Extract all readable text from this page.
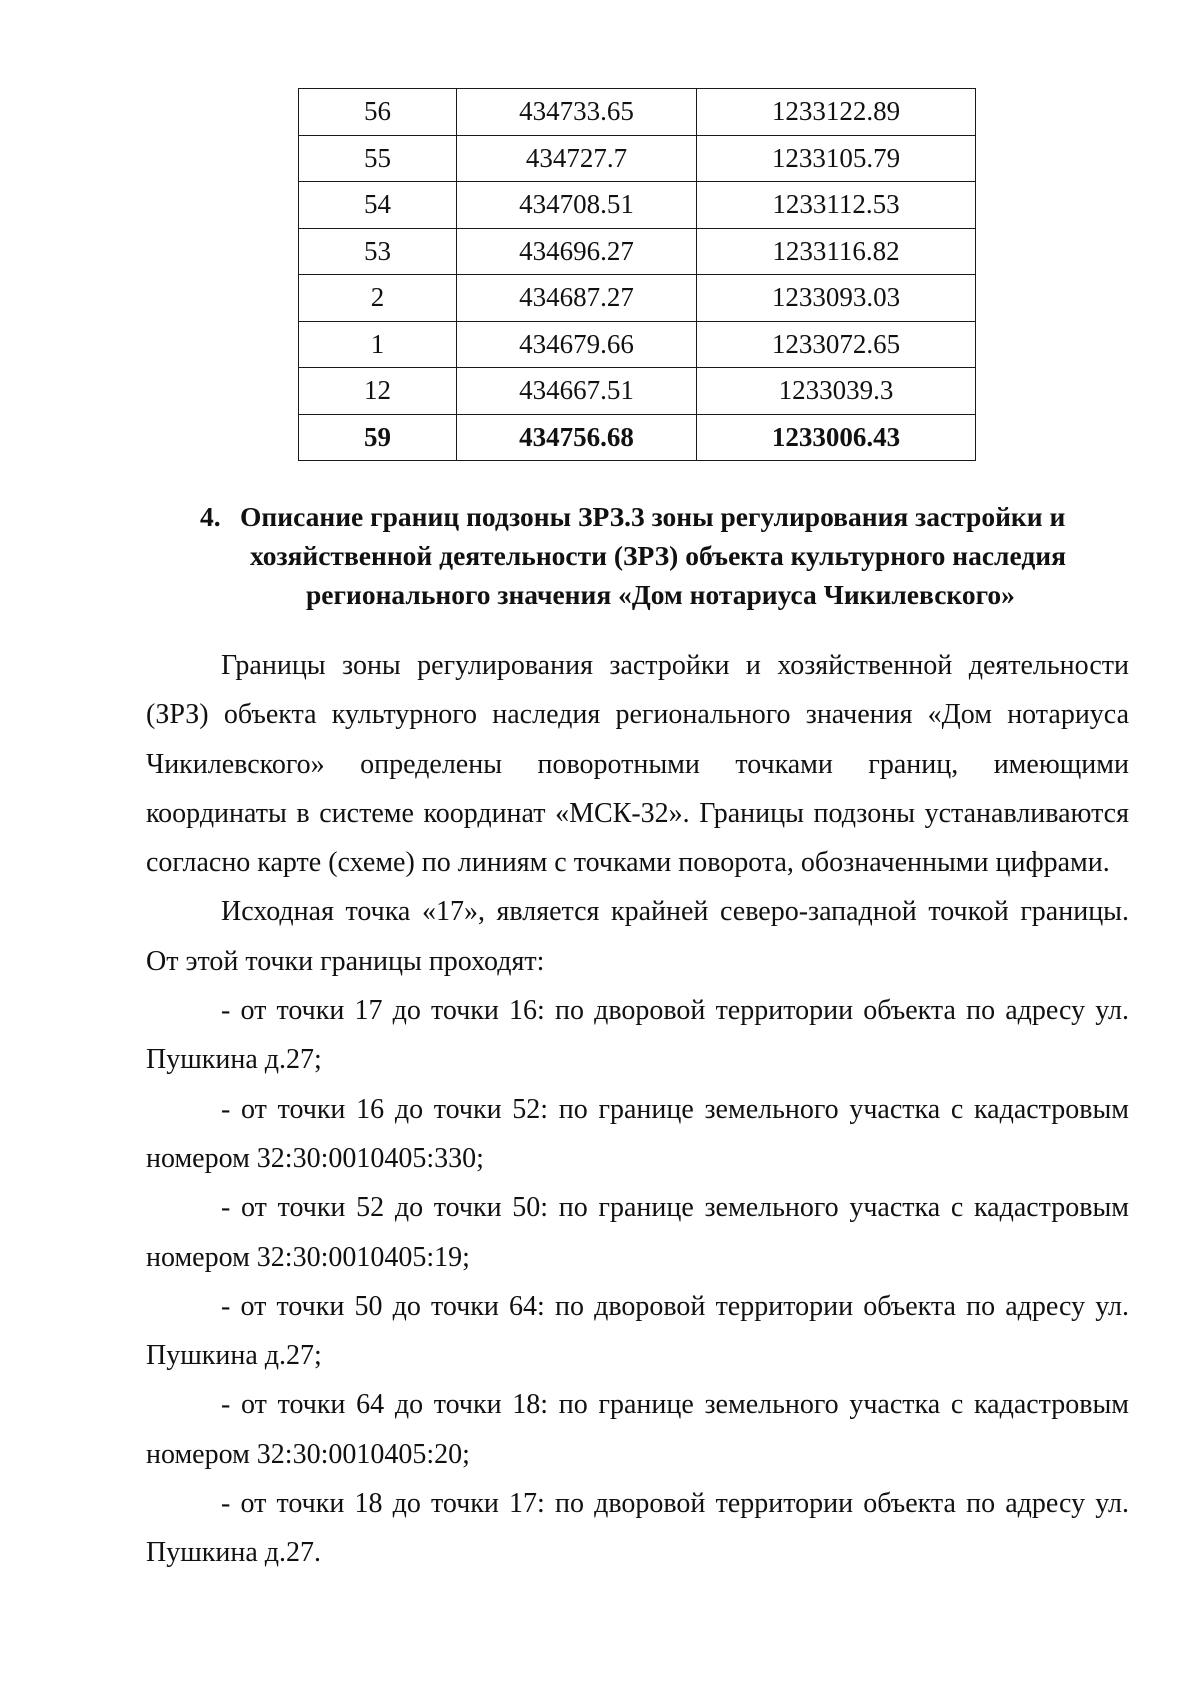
56	434733.65	1233122.89
55	434727.7	1233105.79
54	434708.51	1233112.53
53	434696.27	1233116.82
2	434687.27	1233093.03
1	434679.66	1233072.65
12	434667.51	1233039.3
59	434756.68	1233006.43
4. Описание границ подзоны ЗРЗ.3 зоны регулирования застройки и
хозяйственной деятельности (ЗРЗ) объекта культурного наследия
регионального значения «Дом нотариуса Чикилевского»

Границы зоны регулирования застройки и хозяйственной деятельности (ЗРЗ) объекта культурного наследия регионального значения «Дом нотариуса Чикилевского» определены поворотными точками границ, имеющими координаты в системе координат «МСК-32». Границы подзоны устанавливаются согласно карте (схеме) по линиям с точками поворота, обозначенными цифрами.

Исходная точка «17», является крайней северо-западной точкой границы. От этой точки границы проходят:

- от точки 17 до точки 16: по дворовой территории объекта по адресу ул. Пушкина д.27;

- от точки 16 до точки 52: по границе земельного участка с кадастровым номером 32:30:0010405:330;

- от точки 52 до точки 50: по границе земельного участка с кадастровым номером 32:30:0010405:19;

- от точки 50 до точки 64: по дворовой территории объекта по адресу ул. Пушкина д.27;

- от точки 64 до точки 18: по границе земельного участка с кадастровым номером 32:30:0010405:20;

- от точки 18 до точки 17: по дворовой территории объекта по адресу ул. Пушкина д.27.
